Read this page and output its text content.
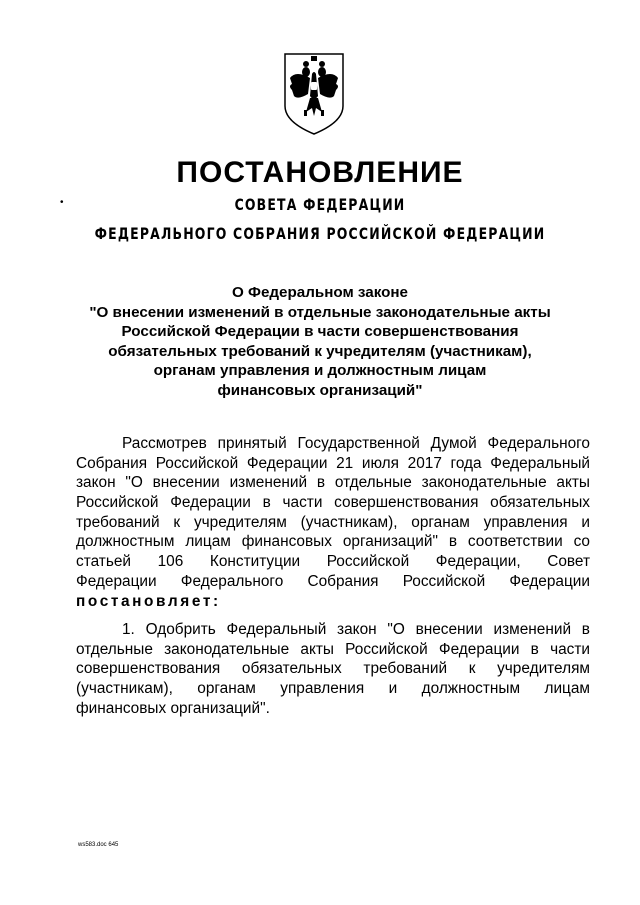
•
ПОСТАНОВЛЕНИЕ
СОВЕТА ФЕДЕРАЦИИ
ФЕДЕРАЛЬНОГО СОБРАНИЯ РОССИЙСКОЙ ФЕДЕРАЦИИ
О Федеральном законе
"О внесении изменений в отдельные законодательные акты
Российской Федерации в части совершенствования
обязательных требований к учредителям (участникам),
органам управления и должностным лицам
финансовых организаций"
Рассмотрев принятый Государственной Думой Федерального
Собрания Российской Федерации 21 июля 2017 года Федеральный
закон "О внесении изменений в отдельные законодательные акты
Российской Федерации в части совершенствования обязательных
требований к учредителям (участникам), органам управления и
должностным лицам финансовых организаций" в соответствии со
статьей 106 Конституции Российской Федерации, Совет
Федерации Федерального Собрания Российской Федерации
постановляет:
1. Одобрить Федеральный закон "О внесении изменений в
отдельные законодательные акты Российской Федерации в части
совершенствования обязательных требований к учредителям
(участникам), органам управления и должностным лицам
финансовых организаций".
ws583.doc 645
